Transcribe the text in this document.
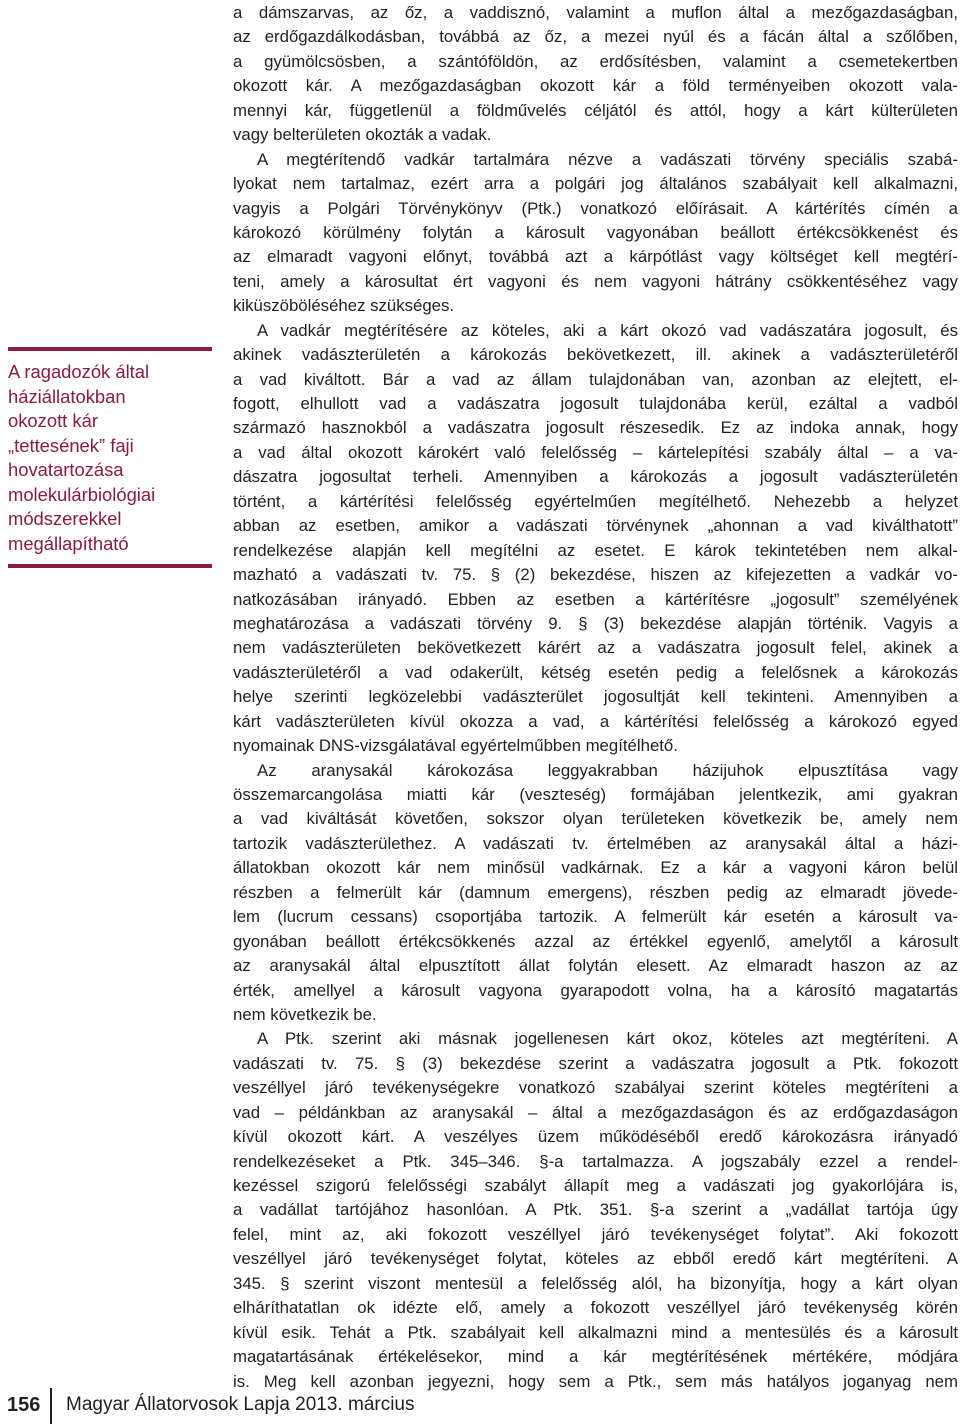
A ragadozók által
háziállatokban
okozott kár
„tettesének” faji
hovatartozása
molekulárbiológiai
módszerekkel
megállapítható
a dámszarvas, az őz, a vaddisznó, valamint a muflon által a mezőgazdaságban,
az erdőgazdálkodásban, továbbá az őz, a mezei nyúl és a fácán által a szőlőben,
a gyümölcsösben, a szántóföldön, az erdősítésben, valamint a csemetekertben
okozott kár. A mezőgazdaságban okozott kár a föld terményeiben okozott vala-
mennyi kár, függetlenül a földművelés céljától és attól, hogy a kárt külterületen
vagy belterületen okozták a vadak.
A megtérítendő vadkár tartalmára nézve a vadászati törvény speciális szabá-
lyokat nem tartalmaz, ezért arra a polgári jog általános szabályait kell alkalmazni,
vagyis a Polgári Törvénykönyv (Ptk.) vonatkozó előírásait. A kártérítés címén a
károkozó körülmény folytán a károsult vagyonában beállott értékcsökkenést és
az elmaradt vagyoni előnyt, továbbá azt a kárpótlást vagy költséget kell megtérí-
teni, amely a károsultat ért vagyoni és nem vagyoni hátrány csökkentéséhez vagy
kiküszöböléséhez szükséges.
A vadkár megtérítésére az köteles, aki a kárt okozó vad vadászatára jogosult, és
akinek vadászterületén a károkozás bekövetkezett, ill. akinek a vadászterületéről
a vad kiváltott. Bár a vad az állam tulajdonában van, azonban az elejtett, el-
fogott, elhullott vad a vadászatra jogosult tulajdonába kerül, ezáltal a vadból
származó hasznokból a vadászatra jogosult részesedik. Ez az indoka annak, hogy
a vad által okozott károkért való felelősség – kártelepítési szabály által – a va-
dászatra jogosultat terheli. Amennyiben a károkozás a jogosult vadászterületén
történt, a kártérítési felelősség egyértelműen megítélhető. Nehezebb a helyzet
abban az esetben, amikor a vadászati törvénynek „ahonnan a vad kiválthatott”
rendelkezése alapján kell megítélni az esetet. E károk tekintetében nem alkal-
mazható a vadászati tv. 75. § (2) bekezdése, hiszen az kifejezetten a vadkár vo-
natkozásában irányadó. Ebben az esetben a kártérítésre „jogosult” személyének
meghatározása a vadászati törvény 9. § (3) bekezdése alapján történik. Vagyis a
nem vadászterületen bekövetkezett kárért az a vadászatra jogosult felel, akinek a
vadászterületéről a vad odakerült, kétség esetén pedig a felelősnek a károkozás
helye szerinti legközelebbi vadászterület jogosultját kell tekinteni. Amennyiben a
kárt vadászterületen kívül okozza a vad, a kártérítési felelősség a károkozó egyed
nyomainak DNS-vizsgálatával egyértelműbben megítélhető.
Az aranysakál károkozása leggyakrabban házijuhok elpusztítása vagy
összemarcangolása miatti kár (veszteség) formájában jelentkezik, ami gyakran
a vad kiváltását követően, sokszor olyan területeken következik be, amely nem
tartozik vadászterülethez. A vadászati tv. értelmében az aranysakál által a házi-
állatokban okozott kár nem minősül vadkárnak. Ez a kár a vagyoni káron belül
részben a felmerült kár (damnum emergens), részben pedig az elmaradt jövede-
lem (lucrum cessans) csoportjába tartozik. A felmerült kár esetén a károsult va-
gyonában beállott értékcsökkenés azzal az értékkel egyenlő, amelytől a károsult
az aranysakál által elpusztított állat folytán elesett. Az elmaradt haszon az az
érték, amellyel a károsult vagyona gyarapodott volna, ha a károsító magatartás
nem következik be.
A Ptk. szerint aki másnak jogellenesen kárt okoz, köteles azt megtéríteni. A
vadászati tv. 75. § (3) bekezdése szerint a vadászatra jogosult a Ptk. fokozott
veszéllyel járó tevékenységekre vonatkozó szabályai szerint köteles megtéríteni a
vad – példánkban az aranysakál – által a mezőgazdaságon és az erdőgazdaságon
kívül okozott kárt. A veszélyes üzem működéséből eredő károkozásra irányadó
rendelkezéseket a Ptk. 345–346. §-a tartalmazza. A jogszabály ezzel a rendel-
kezéssel szigorú felelősségi szabályt állapít meg a vadászati jog gyakorlójára is,
a vadállat tartójához hasonlóan. A Ptk. 351. §-a szerint a „vadállat tartója úgy
felel, mint az, aki fokozott veszéllyel járó tevékenységet folytat”. Aki fokozott
veszéllyel járó tevékenységet folytat, köteles az ebből eredő kárt megtéríteni. A
345. § szerint viszont mentesül a felelősség alól, ha bizonyítja, hogy a kárt olyan
elháríthatatlan ok idézte elő, amely a fokozott veszéllyel járó tevékenység körén
kívül esik. Tehát a Ptk. szabályait kell alkalmazni mind a mentesülés és a károsult
magatartásának értékelésekor, mind a kár megtérítésének mértékére, módjára
is. Meg kell azonban jegyezni, hogy sem a Ptk., sem más hatályos joganyag nem
156 Magyar Állatorvosok Lapja 2013. március
